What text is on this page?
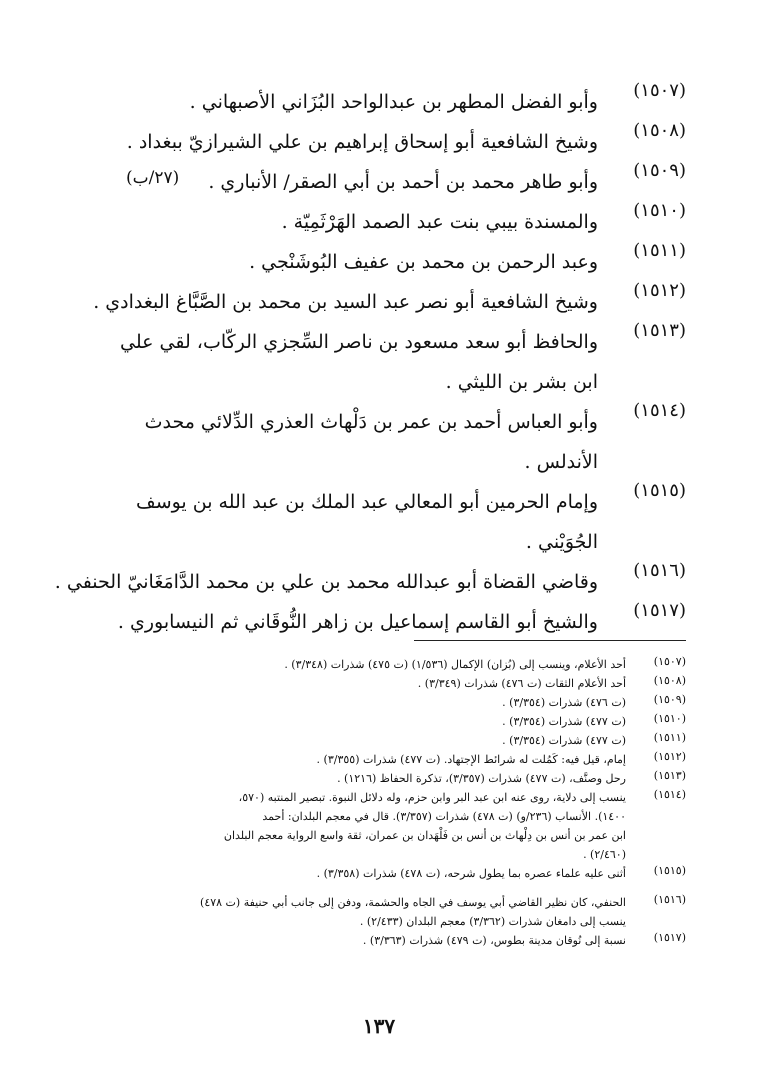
(١٥٠٧)
وأبو الفضل المطهر بن عبدالواحد البُزَاني الأصبهاني .
(١٥٠٨)
وشيخ الشافعية أبو إسحاق إبراهيم بن علي الشيرازيّ ببغداد .
(١٥٠٩)
وأبو طاهر محمد بن أحمد بن أبي الصقر/ الأنباري .
(٢٧/ب)
(١٥١٠)
والمسندة بيبي بنت عبد الصمد الهَرْثَمِيّة .
(١٥١١)
وعبد الرحمن بن محمد بن عفيف البُوشَنْجي .
(١٥١٢)
وشيخ الشافعية أبو نصر عبد السيد بن محمد بن الصَّبَّاغ البغدادي .
(١٥١٣)
والحافظ أبو سعد مسعود بن ناصر السِّجزي الركّاب، لقي علي
ابن بشر بن الليثي .
(١٥١٤)
وأبو العباس أحمد بن عمر بن دَلْهاث العذري الدِّلائي محدث
الأندلس .
(١٥١٥)
وإمام الحرمين أبو المعالي عبد الملك بن عبد الله بن يوسف
الجُوَيْني .
(١٥١٦)
وقاضي القضاة أبو عبدالله محمد بن علي بن محمد الدَّامَغَانيّ الحنفي .
(١٥١٧)
والشيخ أبو القاسم إسماعيل بن زاهر النُّوقَاني ثم النيسابوري .
(١٥٠٧)
أحد الأعلام، وينسب إلى (بُزان) الإكمال (١/٥٣٦) (ت ٤٧٥) شذرات (٣/٣٤٨) .
(١٥٠٨)
أحد الأعلام الثقات (ت ٤٧٦) شذرات (٣/٣٤٩) .
(١٥٠٩)
(ت ٤٧٦) شذرات (٣/٣٥٤) .
(١٥١٠)
(ت ٤٧٧) شذرات (٣/٣٥٤) .
(١٥١١)
(ت ٤٧٧) شذرات (٣/٣٥٤) .
(١٥١٢)
إمام، قيل فيه: كَمُلت له شرائط الإجتهاد. (ت ٤٧٧) شذرات (٣/٣٥٥) .
(١٥١٣)
رحل وصنَّف، (ت ٤٧٧) شذرات (٣/٣٥٧)، تذكرة الحفاظ (١٢١٦) .
(١٥١٤)
ينسب إلى دلاية، روى عنه ابن عبد البر وابن حزم، وله دلائل النبوة. تبصير المنتبه (٥٧٠،
١٤٠٠). الأنساب (٢٣٦/و) (ت ٤٧٨) شذرات (٣/٣٥٧). قال في معجم البلدان: أحمد
ابن عمر بن أنس بن دِلْهاث بن أنس بن فَلْهَدان بن عمران، ثقة واسع الرواية معجم البلدان
(٢/٤٦٠) .
(١٥١٥)
أثنى عليه علماء عصره بما يطول شرحه، (ت ٤٧٨) شذرات (٣/٣٥٨) .
(١٥١٦)
الحنفي، كان نظير القاضي أبي يوسف في الجاه والحشمة، ودفن إلى جانب أبي حنيفة (ت ٤٧٨)
ينسب إلى دامغان شذرات (٣/٣٦٢) معجم البلدان (٢/٤٣٣) .
(١٥١٧)
نسبة إلى نُوقان مدينة بطوس، (ت ٤٧٩) شذرات (٣/٣٦٣) .
١٣٧
